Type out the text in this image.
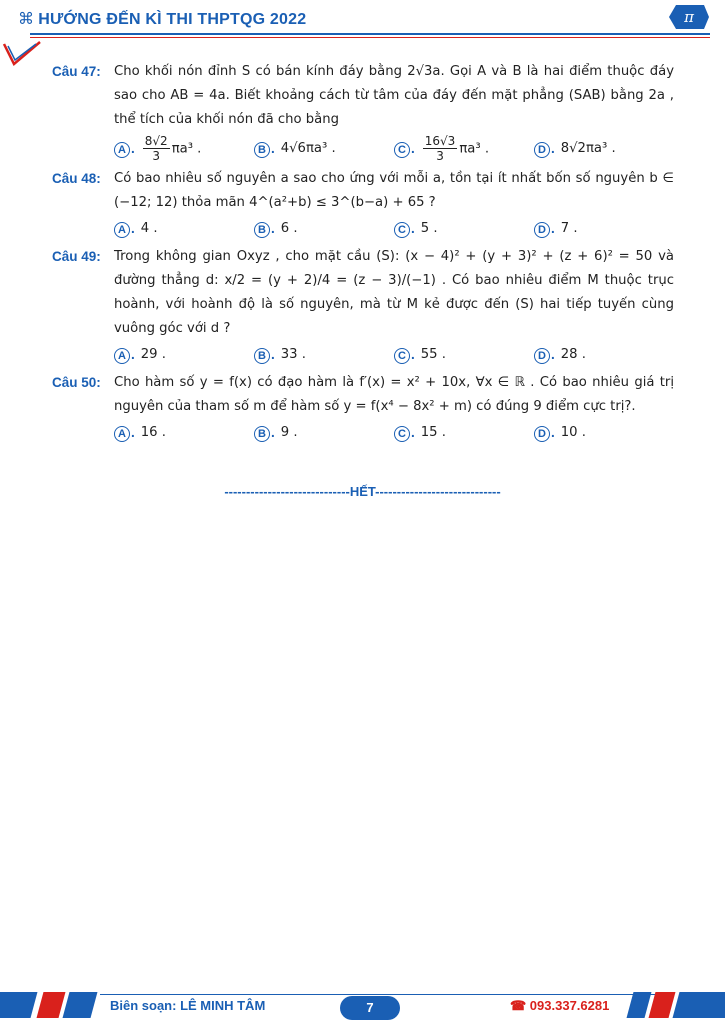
⌘ HƯỚNG ĐẾN KÌ THI THPTQG 2022	π
Câu 47: Cho khối nón đỉnh S có bán kính đáy bằng 2√3a. Gọi A và B là hai điểm thuộc đáy sao cho AB = 4a. Biết khoảng cách từ tâm của đáy đến mặt phẳng (SAB) bằng 2a , thể tích của khối nón đã cho bằng
A . $\frac{8√2}{3} \pi a^3$ .	B . 4√6πa³ .	C . $\frac{16√3}{3} \pi a^3$ .	D . 8√2πa³ .
Câu 48: Có bao nhiêu số nguyên a sao cho ứng với mỗi a, tồn tại ít nhất bốn số nguyên b ∈ (−12; 12) thỏa mãn 4^(a²+b) ≤ 3^(b−a) + 65 ?
A . 4 .	B . 6 .	C . 5 .	D . 7 .
Câu 49: Trong không gian Oxyz , cho mặt cầu (S): (x − 4)² + (y + 3)² + (z + 6)² = 50 và đường thẳng d: x/2 = (y + 2)/4 = (z − 3)/(−1) . Có bao nhiêu điểm M thuộc trục hoành, với hoành độ là số nguyên, mà từ M kẻ được đến (S) hai tiếp tuyến cùng vuông góc với d ?
A . 29 .	B . 33 .	C . 55 .	D . 28 .
Câu 50: Cho hàm số y = f(x) có đạo hàm là f′(x) = x² + 10x, ∀x ∈ ℝ . Có bao nhiêu giá trị nguyên của tham số m để hàm số y = f(x⁴ − 8x² + m) có đúng 9 điểm cực trị?.
A . 16 .	B . 9 .	C . 15 .	D . 10 .
-----------------------------HẾT-----------------------------
Biên soạn: LÊ MINH TÂM	7	☎ 093.337.6281
